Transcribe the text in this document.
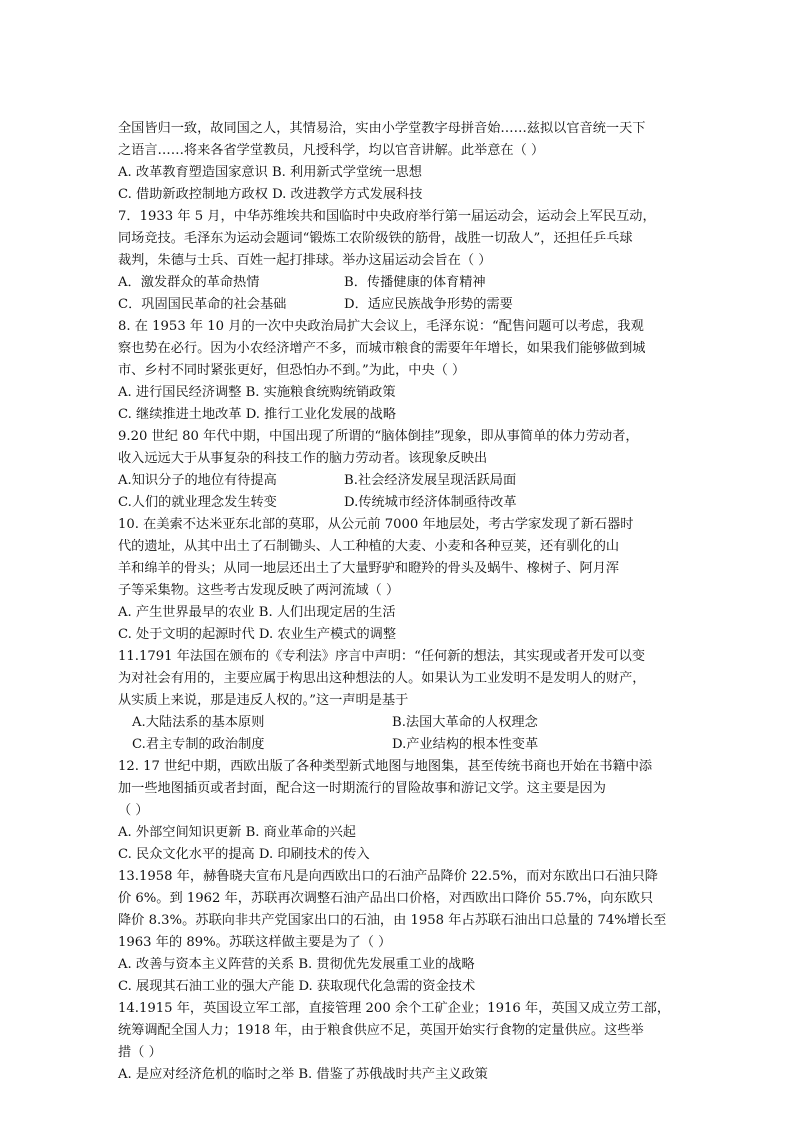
全国皆归一致，故同国之人，其情易洽，实由小学堂教字母拼音始……兹拟以官音统一天下
之语言……将来各省学堂教员，凡授科学，均以官音讲解。此举意在（ ）
A. 改革教育塑造国家意识 B. 利用新式学堂统一思想
C. 借助新政控制地方政权 D. 改进教学方式发展科技
7．1933 年 5 月，中华苏维埃共和国临时中央政府举行第一届运动会，运动会上军民互动，
同场竞技。毛泽东为运动会题词“锻炼工农阶级铁的筋骨，战胜一切敌人”，还担任乒乓球
裁判，朱德与士兵、百姓一起打排球。举办这届运动会旨在（ ）
A．激发群众的革命热情	B．传播健康的体育精神
C．巩固国民革命的社会基础	D．适应民族战争形势的需要
8. 在 1953 年 10 月的一次中央政治局扩大会议上，毛泽东说：“配售问题可以考虑，我观
察也势在必行。因为小农经济增产不多，而城市粮食的需要年年增长，如果我们能够做到城
市、乡村不同时紧张更好，但恐怕办不到。”为此，中央（ ）
A. 进行国民经济调整 B. 实施粮食统购统销政策
C. 继续推进土地改革 D. 推行工业化发展的战略
9.20 世纪 80 年代中期，中国出现了所谓的“脑体倒挂”现象，即从事简单的体力劳动者，
收入远远大于从事复杂的科技工作的脑力劳动者。该现象反映出
A.知识分子的地位有待提高	B.社会经济发展呈现活跃局面
C.人们的就业理念发生转变	D.传统城市经济体制亟待改革
10. 在美索不达米亚东北部的莫耶，从公元前 7000 年地层处，考古学家发现了新石器时
代的遗址，从其中出土了石制锄头、人工种植的大麦、小麦和各种豆荚，还有驯化的山
羊和绵羊的骨头；从同一地层还出土了大量野驴和瞪羚的骨头及蜗牛、橡树子、阿月浑
子等采集物。这些考古发现反映了两河流域（ ）
A. 产生世界最早的农业 B. 人们出现定居的生活
C. 处于文明的起源时代 D. 农业生产模式的调整
11.1791 年法国在颁布的《专利法》序言中声明：“任何新的想法，其实现或者开发可以变
为对社会有用的，主要应属于构思出这种想法的人。如果认为工业发明不是发明人的财产，
从实质上来说，那是违反人权的。”这一声明是基于
A.大陆法系的基本原则	B.法国大革命的人权理念
C.君主专制的政治制度	D.产业结构的根本性变革
12. 17 世纪中期，西欧出版了各种类型新式地图与地图集，甚至传统书商也开始在书籍中添
加一些地图插页或者封面，配合这一时期流行的冒险故事和游记文学。这主要是因为
（ ）
A. 外部空间知识更新 B. 商业革命的兴起
C. 民众文化水平的提高 D. 印刷技术的传入
13.1958 年，赫鲁晓夫宣布凡是向西欧出口的石油产品降价 22.5%，而对东欧出口石油只降
价 6%。到 1962 年，苏联再次调整石油产品出口价格，对西欧出口降价 55.7%，向东欧只
降价 8.3%。苏联向非共产党国家出口的石油，由 1958 年占苏联石油出口总量的 74%增长至
1963 年的 89%。苏联这样做主要是为了（ ）
A. 改善与资本主义阵营的关系 B. 贯彻优先发展重工业的战略
C. 展现其石油工业的强大产能 D. 获取现代化急需的资金技术
14.1915 年，英国设立军工部，直接管理 200 余个工矿企业；1916 年，英国又成立劳工部，
统筹调配全国人力；1918 年，由于粮食供应不足，英国开始实行食物的定量供应。这些举
措（ ）
A. 是应对经济危机的临时之举 B. 借鉴了苏俄战时共产主义政策
